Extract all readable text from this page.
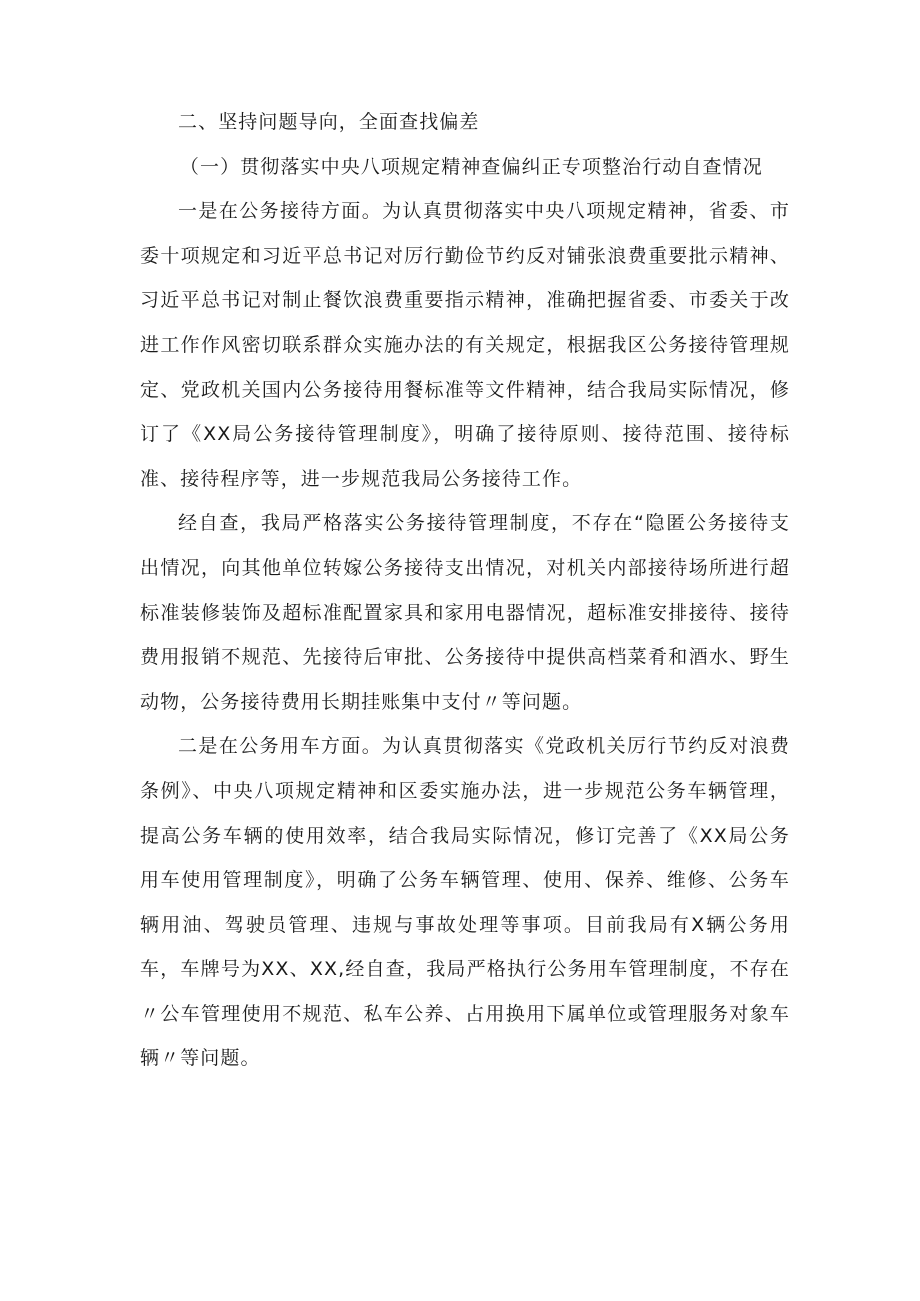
二、坚持问题导向，全面查找偏差

（一）贯彻落实中央八项规定精神查偏纠正专项整治行动自查情况

一是在公务接待方面。为认真贯彻落实中央八项规定精神，省委、市委十项规定和习近平总书记对厉行勤俭节约反对铺张浪费重要批示精神、习近平总书记对制止餐饮浪费重要指示精神，准确把握省委、市委关于改进工作作风密切联系群众实施办法的有关规定，根据我区公务接待管理规定、党政机关国内公务接待用餐标准等文件精神，结合我局实际情况，修订了《XX局公务接待管理制度》，明确了接待原则、接待范围、接待标准、接待程序等，进一步规范我局公务接待工作。

经自查，我局严格落实公务接待管理制度，不存在“隐匿公务接待支出情况，向其他单位转嫁公务接待支出情况，对机关内部接待场所进行超标准装修装饰及超标准配置家具和家用电器情况，超标准安排接待、接待费用报销不规范、先接待后审批、公务接待中提供高档菜肴和酒水、野生动物，公务接待费用长期挂账集中支付〃等问题。

二是在公务用车方面。为认真贯彻落实《党政机关厉行节约反对浪费条例》、中央八项规定精神和区委实施办法，进一步规范公务车辆管理，提高公务车辆的使用效率，结合我局实际情况，修订完善了《XX局公务用车使用管理制度》，明确了公务车辆管理、使用、保养、维修、公务车辆用油、驾驶员管理、违规与事故处理等事项。目前我局有X辆公务用车，车牌号为XX、XX,经自查，我局严格执行公务用车管理制度，不存在〃公车管理使用不规范、私车公养、占用换用下属单位或管理服务对象车辆〃等问题。
